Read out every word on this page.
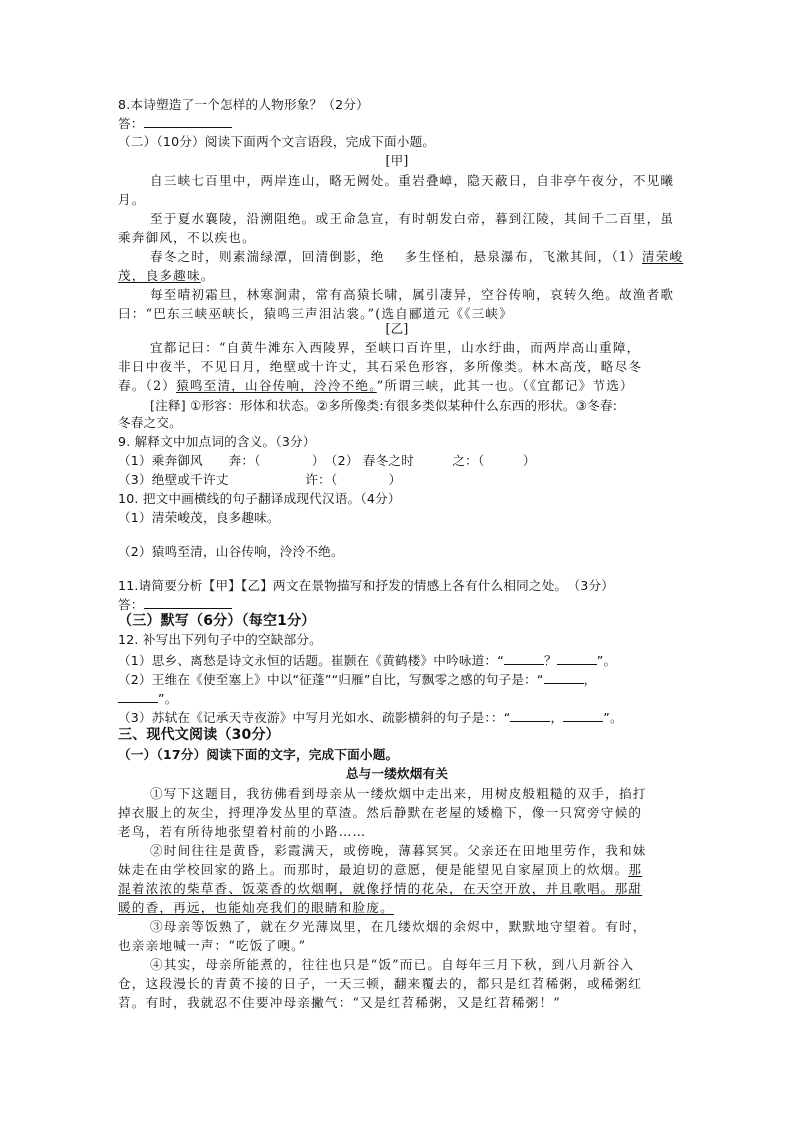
8.本诗塑造了一个怎样的人物形象？（2分）
答：
（二）（10分）阅读下面两个文言语段，完成下面小题。
[甲]
自三峡七百里中，两岸连山，略无阙处。重岩叠嶂，隐天蔽日，自非亭午夜分，不见曦
月。
至于夏水襄陵，沿溯阻绝。或王命急宣，有时朝发白帝，暮到江陵，其间千二百里，虽
乘奔御风，不以疾也。
春冬之时，则素湍绿潭，回清倒影，绝 多生怪柏，悬泉瀑布，飞漱其间，（1）清荣峻
茂，良多趣味。
每至晴初霜旦，林寒涧肃，常有高猿长啸，属引凄异，空谷传响，哀转久绝。故渔者歌
曰：“巴东三峡巫峡长，猿鸣三声泪沾裳。”(选自郦道元《《三峡》
[乙]
宜都记曰：“自黄牛滩东入西陵界，至峡口百许里，山水纡曲，而两岸高山重障，
非日中夜半，不见日月，绝壁或十许丈，其石采色形容，多所像类。林木高茂，略尽冬
春。（2）猿鸣至清，山谷传响，泠泠不绝。”所谓三峡，此其一也。（《宜都记》节选）
[注释] ①形容：形体和状态。②多所像类:有很多类似某种什么东西的形状。③冬春:
冬春之交。
9. 解释文中加点词的含义。（3分）
（1）乘奔御风　　奔：（　　　　）　（2） 春冬之时　　　之：（　　　）
（3）绝壁或千许丈　　　　　　许：（　　　　）
10. 把文中画横线的句子翻译成现代汉语。（4分）
（1）清荣峻茂，良多趣味。
（2）猿鸣至清，山谷传响，泠泠不绝。
11.请简要分析【甲】【乙】两文在景物描写和抒发的情感上各有什么相同之处。　（3分）
答：
（三）默写（6分）（每空1分）
12. 补写出下列句子中的空缺部分。
（1）思乡、离愁是诗文永恒的话题。崔颢在《黄鹤楼》中吟咏道：“	？	”。
（2）王维在《使至塞上》中以“征蓬”“归雁”自比，写飘零之感的句子是：“	，
”。
（3）苏轼在《记承天寺夜游》中写月光如水、疏影横斜的句子是：：“	，	”。
三、现代文阅读（30分）
（一）（17分）阅读下面的文字，完成下面小题。
总与一缕炊烟有关
①写下这题目，我彷佛看到母亲从一缕炊烟中走出来，用树皮般粗糙的双手，掐打
掉衣服上的灰尘，捋理净发丛里的草渣。然后静默在老屋的矮檐下，像一只窝旁守候的
老鸟，若有所待地张望着村前的小路……
②时间往往是黄昏，彩霞满天，或傍晚，薄暮冥冥。父亲还在田地里劳作，我和妹
妹走在由学校回家的路上。而那时，最迫切的意愿，便是能望见自家屋顶上的炊烟。那
混着浓浓的柴草香、饭菜香的炊烟啊，就像抒情的花朵，在天空开放，并且歌唱。那甜
暖的香，再远，也能灿亮我们的眼睛和脸庞。
③母亲等饭熟了，就在夕光薄岚里，在几缕炊烟的余烬中，默默地守望着。有时，
也亲亲地喊一声：“吃饭了噢。”
④其实，母亲所能煮的，往往也只是“饭”而已。自每年三月下秋，到八月新谷入
仓，这段漫长的青黄不接的日子，一天三顿，翻来覆去的，都只是红苕稀粥，或稀粥红
苕。有时，我就忍不住要冲母亲撇气：“又是红苕稀粥，又是红苕稀粥！”
